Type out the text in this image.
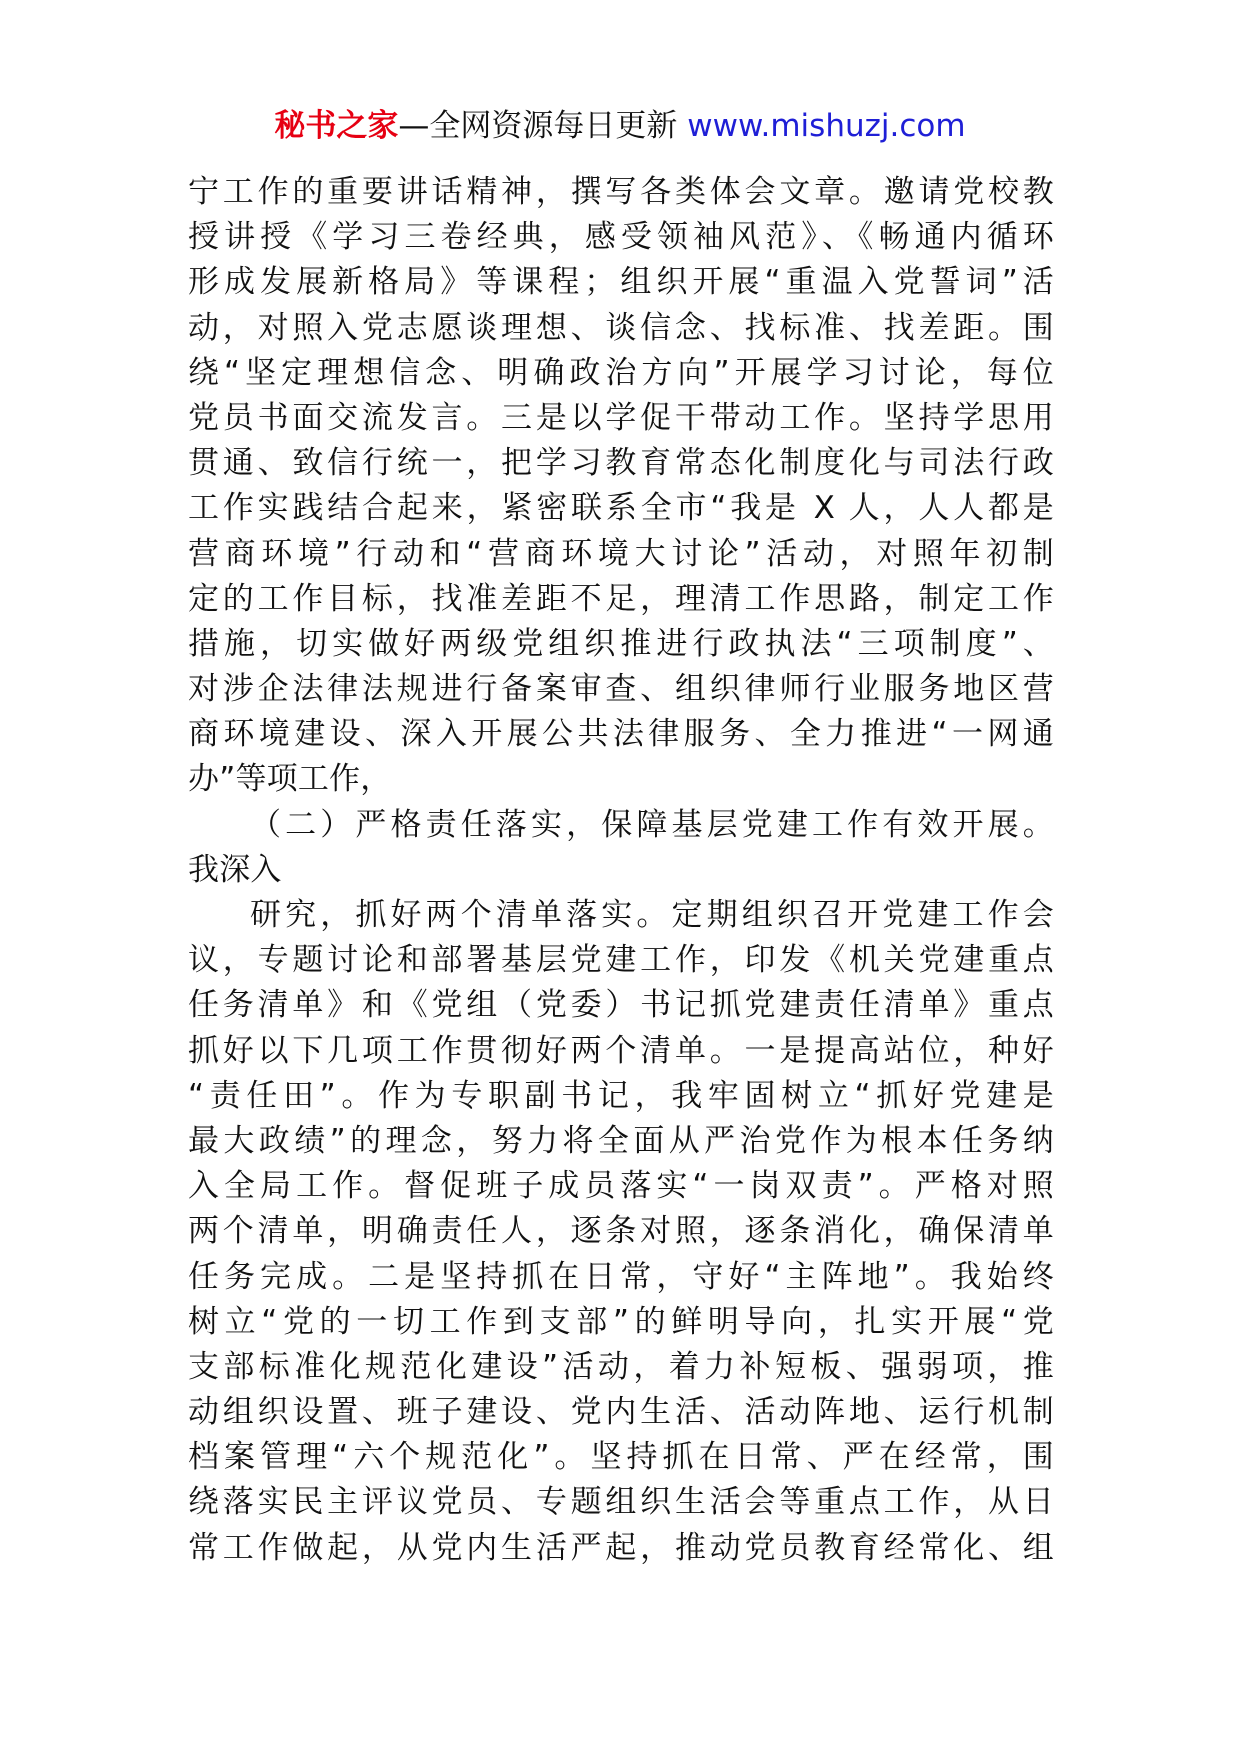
秘书之家—全网资源每日更新 www.mishuzj.com
宁工作的重要讲话精神，撰写各类体会文章。邀请党校教
授讲授《学习三卷经典，感受领袖风范》、《畅通内循环
形成发展新格局》等课程；组织开展“重温入党誓词”活
动，对照入党志愿谈理想、谈信念、找标准、找差距。围
绕“坚定理想信念、明确政治方向”开展学习讨论，每位
党员书面交流发言。三是以学促干带动工作。坚持学思用
贯通、致信行统一，把学习教育常态化制度化与司法行政
工作实践结合起来，紧密联系全市“我是 X 人，人人都是
营商环境”行动和“营商环境大讨论”活动，对照年初制
定的工作目标，找准差距不足，理清工作思路，制定工作
措施，切实做好两级党组织推进行政执法“三项制度”、
对涉企法律法规进行备案审查、组织律师行业服务地区营
商环境建设、深入开展公共法律服务、全力推进“一网通
办”等项工作，
（二）严格责任落实，保障基层党建工作有效开展。
我深入
研究，抓好两个清单落实。定期组织召开党建工作会
议，专题讨论和部署基层党建工作，印发《机关党建重点
任务清单》和《党组（党委）书记抓党建责任清单》重点
抓好以下几项工作贯彻好两个清单。一是提高站位，种好
“责任田”。作为专职副书记，我牢固树立“抓好党建是
最大政绩”的理念，努力将全面从严治党作为根本任务纳
入全局工作。督促班子成员落实“一岗双责”。严格对照
两个清单，明确责任人，逐条对照，逐条消化，确保清单
任务完成。二是坚持抓在日常，守好“主阵地”。我始终
树立“党的一切工作到支部”的鲜明导向，扎实开展“党
支部标准化规范化建设”活动，着力补短板、强弱项，推
动组织设置、班子建设、党内生活、活动阵地、运行机制
档案管理“六个规范化”。坚持抓在日常、严在经常，围
绕落实民主评议党员、专题组织生活会等重点工作，从日
常工作做起，从党内生活严起，推动党员教育经常化、组
